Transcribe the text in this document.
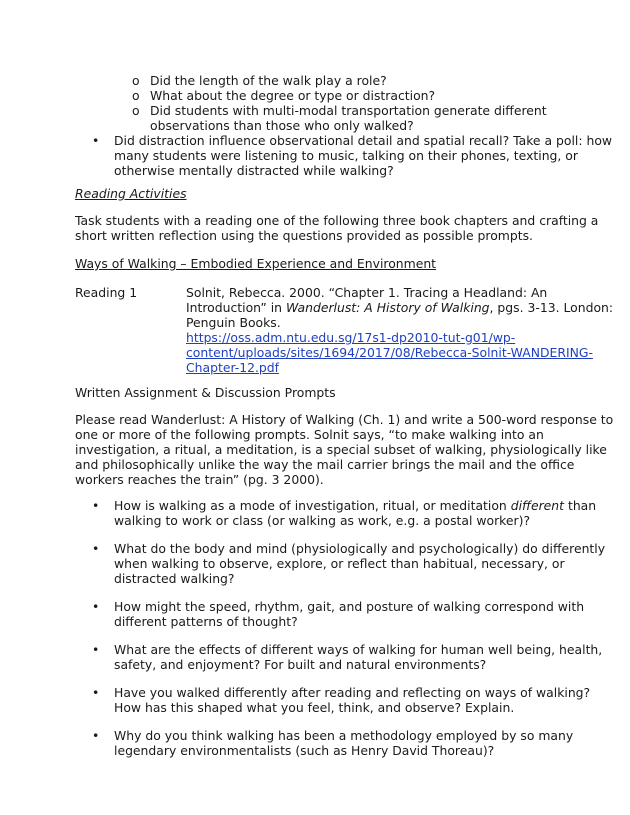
o Did the length of the walk play a role?
o What about the degree or type or distraction?
o Did students with multi-modal transportation generate different
observations than those who only walked?
• Did distraction influence observational detail and spatial recall? Take a poll: how
many students were listening to music, talking on their phones, texting, or
otherwise mentally distracted while walking?
Reading Activities
Task students with a reading one of the following three book chapters and crafting a
short written reflection using the questions provided as possible prompts.
Ways of Walking – Embodied Experience and Environment
Reading 1	Solnit, Rebecca. 2000. “Chapter 1. Tracing a Headland: An
Introduction” in Wanderlust: A History of Walking, pgs. 3-13. London:
Penguin Books.
https://oss.adm.ntu.edu.sg/17s1-dp2010-tut-g01/wp-
content/uploads/sites/1694/2017/08/Rebecca-Solnit-WANDERING-
Chapter-12.pdf
Written Assignment & Discussion Prompts
Please read Wanderlust: A History of Walking (Ch. 1) and write a 500-word response to
one or more of the following prompts. Solnit says, “to make walking into an
investigation, a ritual, a meditation, is a special subset of walking, physiologically like
and philosophically unlike the way the mail carrier brings the mail and the office
workers reaches the train” (pg. 3 2000).
• How is walking as a mode of investigation, ritual, or meditation different than
walking to work or class (or walking as work, e.g. a postal worker)?
• What do the body and mind (physiologically and psychologically) do differently
when walking to observe, explore, or reflect than habitual, necessary, or
distracted walking?
• How might the speed, rhythm, gait, and posture of walking correspond with
different patterns of thought?
• What are the effects of different ways of walking for human well being, health,
safety, and enjoyment? For built and natural environments?
• Have you walked differently after reading and reflecting on ways of walking?
How has this shaped what you feel, think, and observe? Explain.
• Why do you think walking has been a methodology employed by so many
legendary environmentalists (such as Henry David Thoreau)?
